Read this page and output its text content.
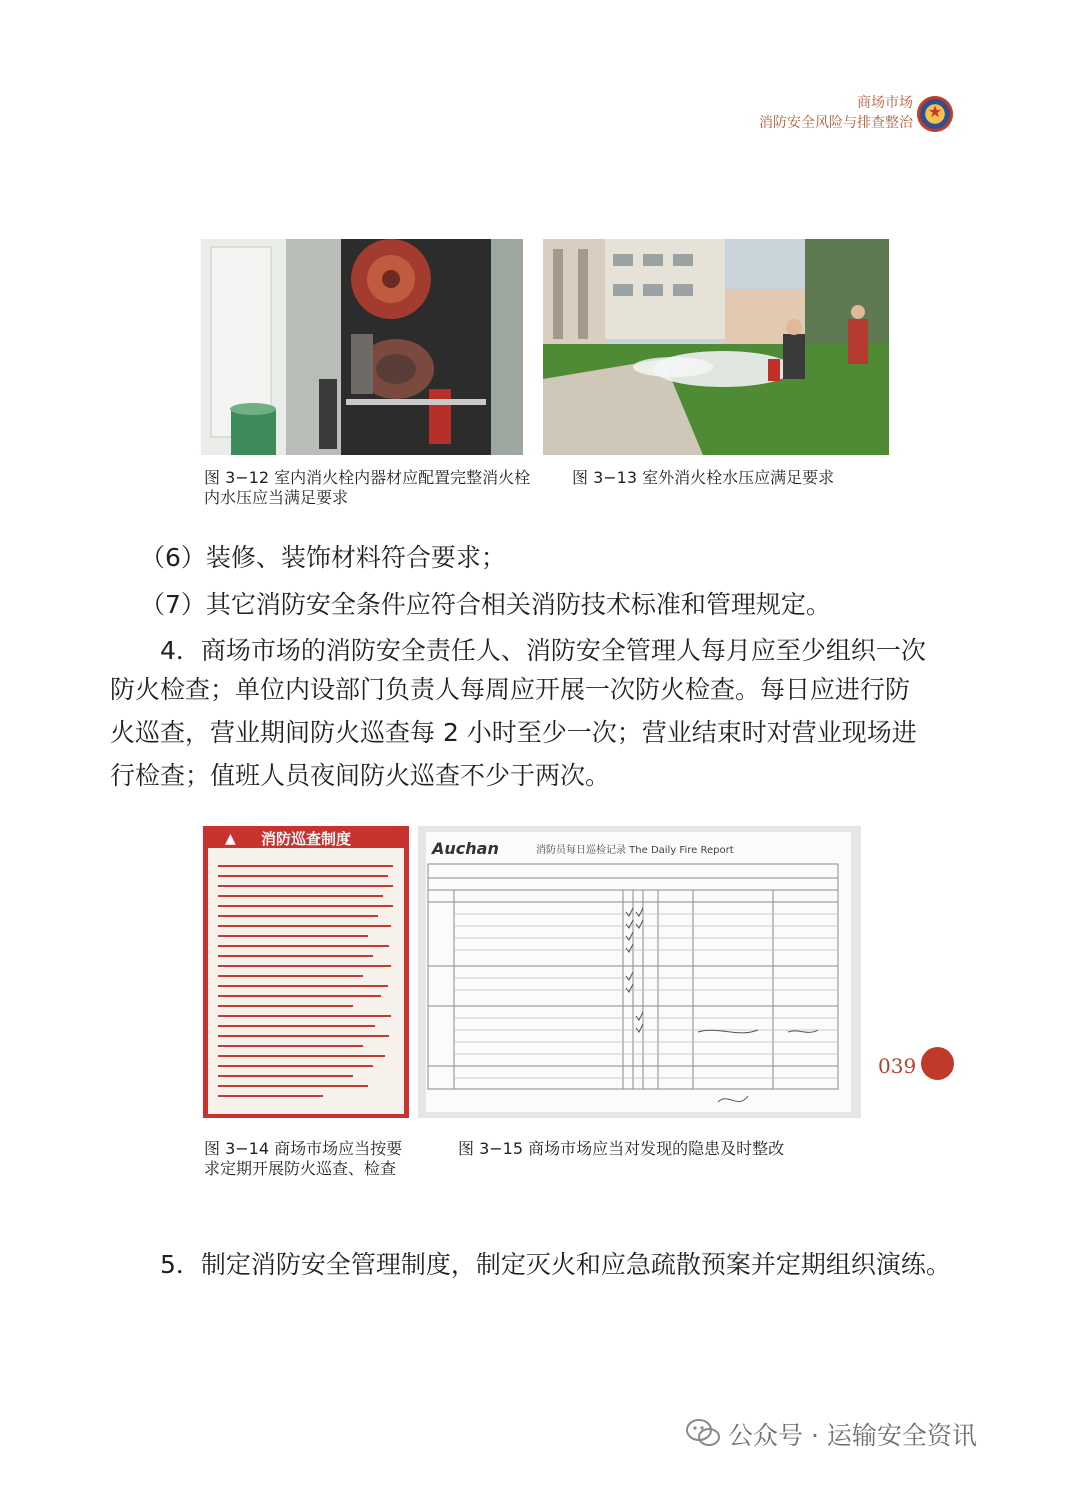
商场市场
消防安全风险与排查整治
★
图 3−12 室内消火栓内器材应配置完整消火栓内水压应当满足要求
图 3−13 室外消火栓水压应满足要求
（6）装修、装饰材料符合要求；
（7）其它消防安全条件应符合相关消防技术标准和管理规定。
4．商场市场的消防安全责任人、消防安全管理人每月应至少组织一次
防火检查；单位内设部门负责人每周应开展一次防火检查。每日应进行防
火巡查，营业期间防火巡查每 2 小时至少一次；营业结束时对营业现场进
行检查；值班人员夜间防火巡查不少于两次。
▲ 消防巡查制度	Auchan	消防员每日巡检记录 The Daily Fire Report
图 3−14 商场市场应当按要求定期开展防火巡查、检查
图 3−15 商场市场应当对发现的隐患及时整改
5．制定消防安全管理制度，制定灭火和应急疏散预案并定期组织演练。
039
公众号 · 运输安全资讯
